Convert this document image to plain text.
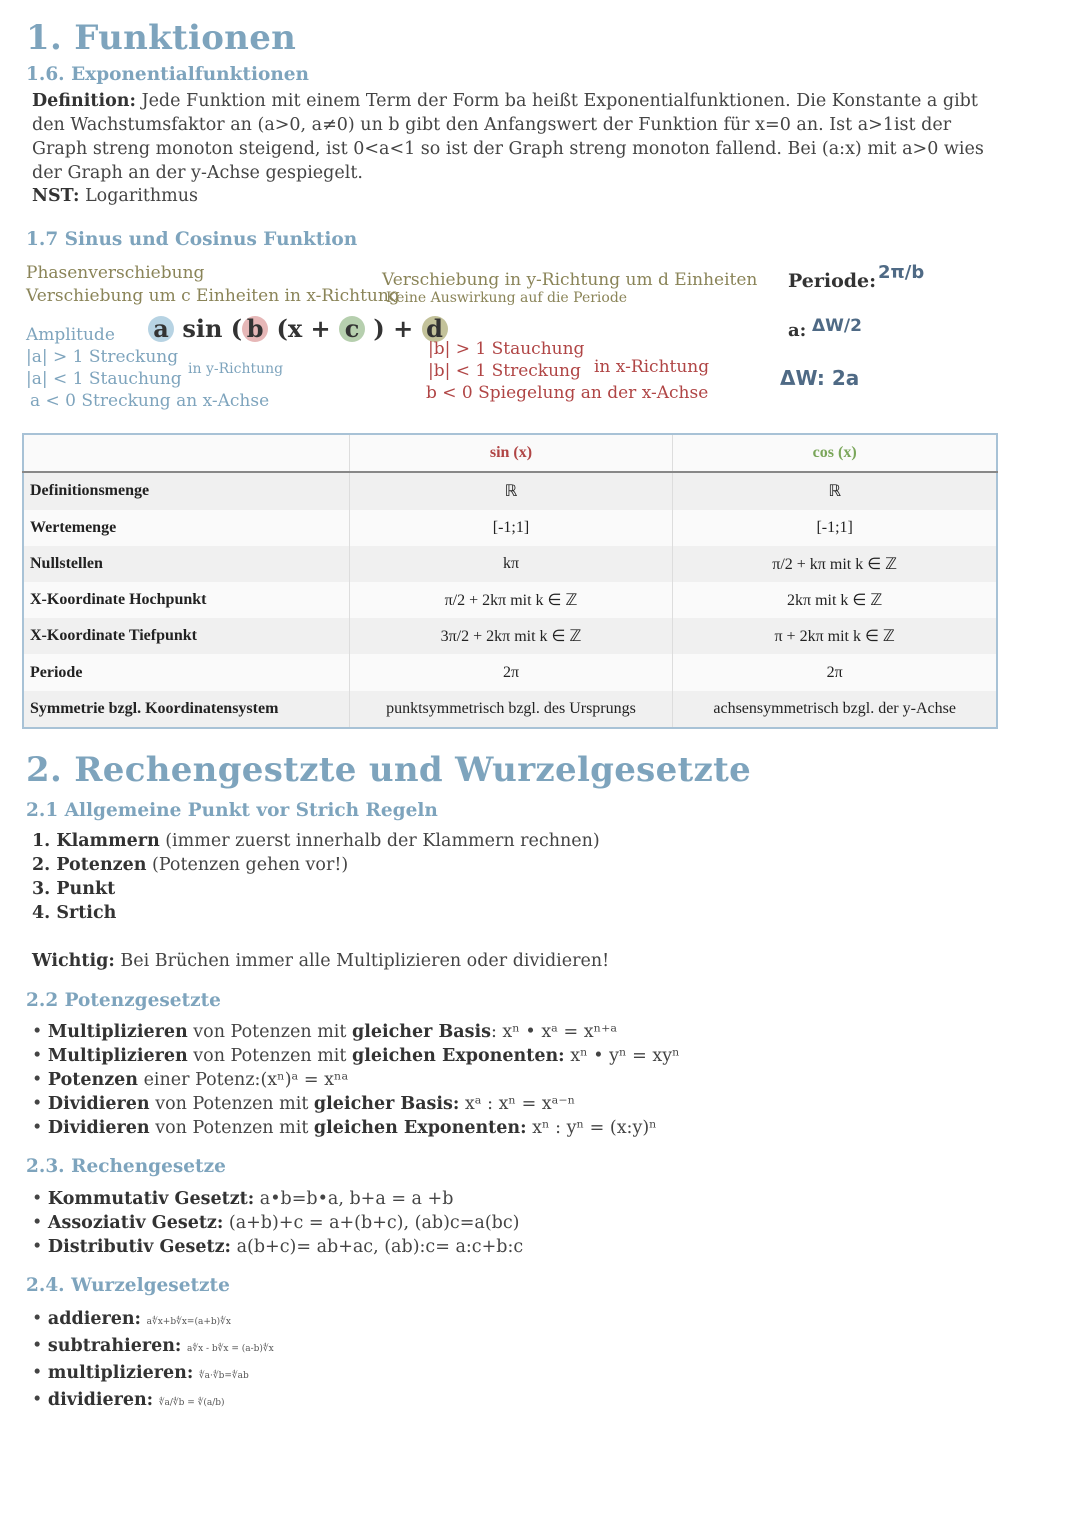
1. Funktionen
1.6. Exponentialfunktionen
Definition: Jede Funktion mit einem Term der Form ba heißt Exponentialfunktionen. Die Konstante a gibt den Wachstumsfaktor an (a>0, a≠0) un b gibt den Anfangswert der Funktion für x=0 an. Ist a>1ist der Graph streng monoton steigend, ist 0<a<1 so ist der Graph streng monoton fallend. Bei (a:x) mit a>0 wies der Graph an der y-Achse gespiegelt.
NST: Logarithmus
1.7 Sinus und Cosinus Funktion
Phasenverschiebung
Verschiebung um c Einheiten in x-Richtung
Verschiebung in y-Richtung um d Einheiten
Keine Auswirkung auf die Periode
Periode: 2π/b
Amplitude
|a| > 1 Streckung
|a| < 1 Stauchung in y-Richtung
a < 0 Streckung an x-Achse
a sin ( b (x + c ) + d
|b| > 1 Stauchung
|b| < 1 Streckung in x-Richtung
b < 0 Spiegelung an der x-Achse
a: ΔW/2
ΔW: 2a
	sin (x)	cos (x)
Definitionsmenge	ℝ	ℝ
Wertemenge	[-1;1]	[-1;1]
Nullstellen	kπ	π/2 + kπ mit k ∈ ℤ
X-Koordinate Hochpunkt	π/2 + 2kπ mit k ∈ ℤ	2kπ mit k ∈ ℤ
X-Koordinate Tiefpunkt	3π/2 + 2kπ mit k ∈ ℤ	π + 2kπ mit k ∈ ℤ
Periode	2π	2π
Symmetrie bzgl. Koordinatensystem	punktsymmetrisch bzgl. des Ursprungs	achsensymmetrisch bzgl. der y-Achse
2. Rechengestzte und Wurzelgesetzte
2.1 Allgemeine Punkt vor Strich Regeln
1. Klammern (immer zuerst innerhalb der Klammern rechnen)
2. Potenzen (Potenzen gehen vor!)
3. Punkt
4. Srtich
Wichtig: Bei Brüchen immer alle Multiplizieren oder dividieren!
2.2 Potenzgesetzte
• Multiplizieren von Potenzen mit gleicher Basis: xⁿ • xᵃ = xⁿ⁺ᵃ
• Multiplizieren von Potenzen mit gleichen Exponenten: xⁿ • yⁿ = xyⁿ
• Potenzen einer Potenz:(xⁿ)ᵃ = xⁿᵃ
• Dividieren von Potenzen mit gleicher Basis: xᵃ : xⁿ = xᵃ⁻ⁿ
• Dividieren von Potenzen mit gleichen Exponenten: xⁿ : yⁿ = (x:y)ⁿ
2.3. Rechengesetze
• Kommutativ Gesetzt: a•b=b•a, b+a = a +b
• Assoziativ Gesetz: (a+b)+c = a+(b+c), (ab)c=a(bc)
• Distributiv Gesetz: a(b+c)= ab+ac, (ab):c= a:c+b:c
2.4. Wurzelgesetzte
• addieren: a∜x+b∜x=(a+b)∜x
• subtrahieren: a∜x - b∜x = (a-b)∜x
• multiplizieren: ∜a·∜b=∜ab
• dividieren: ∜a/∜b = ∜(a/b)
